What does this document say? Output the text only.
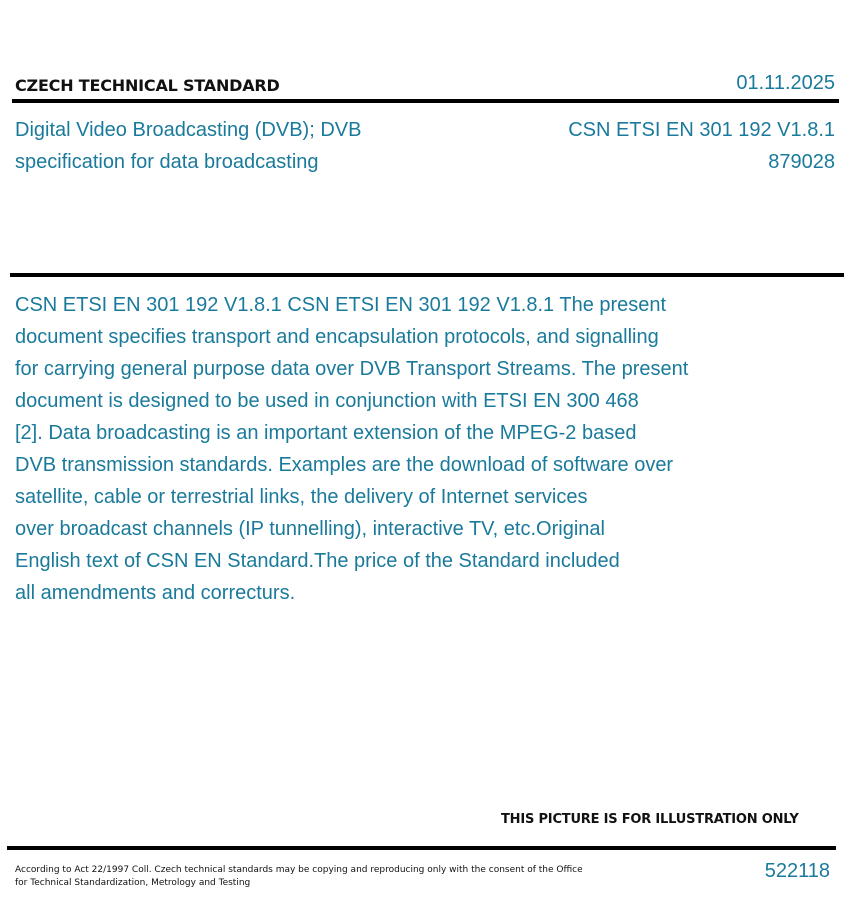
CZECH TECHNICAL STANDARD	01.11.2025
Digital Video Broadcasting (DVB); DVB
specification for data broadcasting
CSN ETSI EN 301 192 V1.8.1
879028
CSN ETSI EN 301 192 V1.8.1 CSN ETSI EN 301 192 V1.8.1 The present
document specifies transport and encapsulation protocols, and signalling
for carrying general purpose data over DVB Transport Streams. The present
document is designed to be used in conjunction with ETSI EN 300 468
[2]. Data broadcasting is an important extension of the MPEG-2 based
DVB transmission standards. Examples are the download of software over
satellite, cable or terrestrial links, the delivery of Internet services
over broadcast channels (IP tunnelling), interactive TV, etc.Original
English text of CSN EN Standard.The price of the Standard included
all amendments and correcturs.
THIS PICTURE IS FOR ILLUSTRATION ONLY
According to Act 22/1997 Coll. Czech technical standards may be copying and reproducing only with the consent of the Office
for Technical Standardization, Metrology and Testing
522118
